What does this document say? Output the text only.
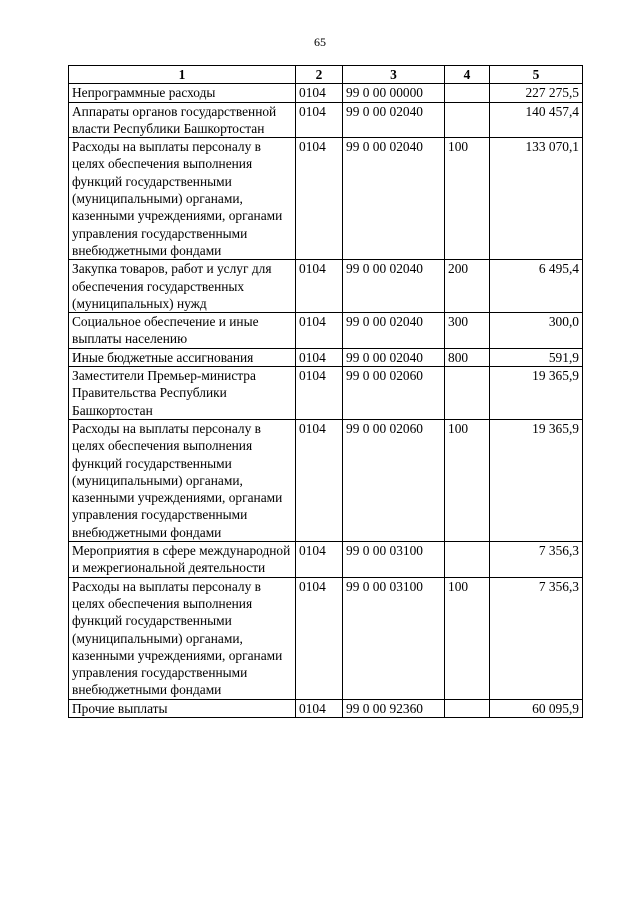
65
1	2	3	4	5
Непрограммные расходы	0104	99 0 00 00000		227 275,5
Аппараты органов государственной власти Республики Башкортостан	0104	99 0 00 02040		140 457,4
Расходы на выплаты персоналу в целях обеспечения выполнения функций государственными (муниципальными) органами, казенными учреждениями, органами управления государственными внебюджетными фондами	0104	99 0 00 02040	100	133 070,1
Закупка товаров, работ и услуг для обеспечения государственных (муниципальных) нужд	0104	99 0 00 02040	200	6 495,4
Социальное обеспечение и иные выплаты населению	0104	99 0 00 02040	300	300,0
Иные бюджетные ассигнования	0104	99 0 00 02040	800	591,9
Заместители Премьер-министра Правительства Республики Башкортостан	0104	99 0 00 02060		19 365,9
Расходы на выплаты персоналу в целях обеспечения выполнения функций государственными (муниципальными) органами, казенными учреждениями, органами управления государственными внебюджетными фондами	0104	99 0 00 02060	100	19 365,9
Мероприятия в сфере международной и межрегиональной деятельности	0104	99 0 00 03100		7 356,3
Расходы на выплаты персоналу в целях обеспечения выполнения функций государственными (муниципальными) органами, казенными учреждениями, органами управления государственными внебюджетными фондами	0104	99 0 00 03100	100	7 356,3
Прочие выплаты	0104	99 0 00 92360		60 095,9
